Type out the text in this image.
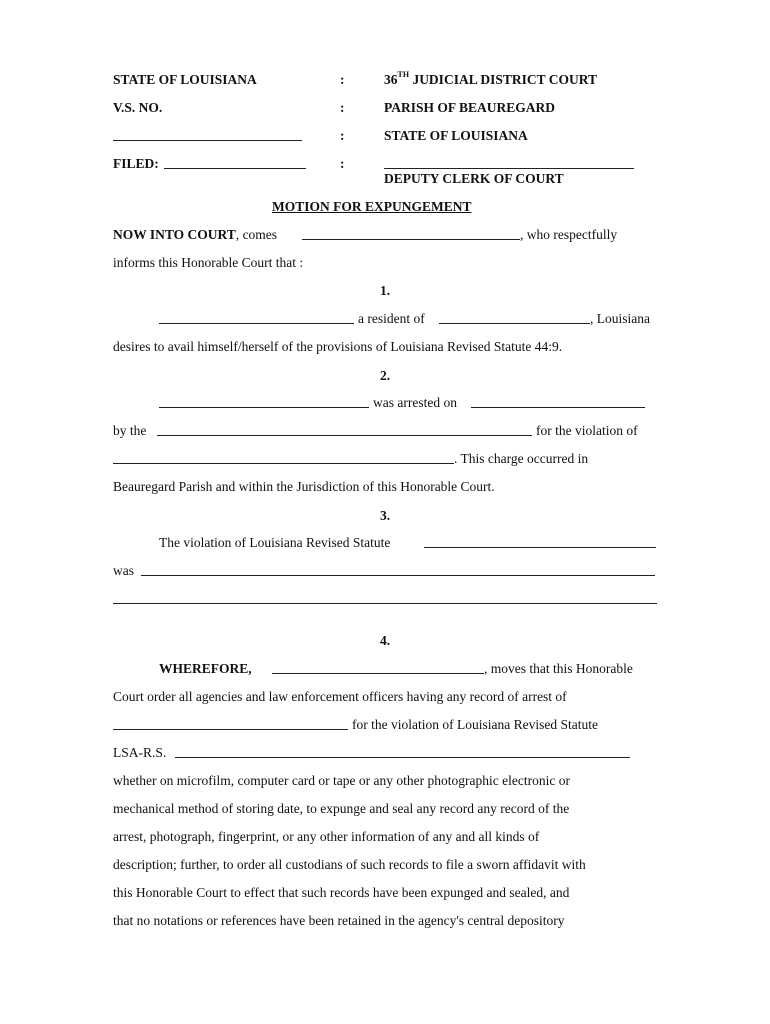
STATE OF LOUISIANA	:	36TH JUDICIAL DISTRICT COURT
V.S. NO.	:	PARISH OF BEAUREGARD
:	STATE OF LOUISIANA
FILED:	:
DEPUTY CLERK OF COURT
MOTION FOR EXPUNGEMENT
NOW INTO COURT, comes	, who respectfully
informs this Honorable Court that :
1.
a resident of	, Louisiana
desires to avail himself/herself of the provisions of Louisiana Revised Statute 44:9.
2.
was arrested on
by the	for the violation of
. This charge occurred in
Beauregard Parish and within the Jurisdiction of this Honorable Court.
3.
The violation of Louisiana Revised Statute
was
4.
WHEREFORE,	, moves that this Honorable
Court order all agencies and law enforcement officers having any record of arrest of
for the violation of Louisiana Revised Statute
LSA-R.S.
whether on microfilm, computer card or tape or any other photographic electronic or
mechanical method of storing date, to expunge and seal any record any record of the
arrest, photograph, fingerprint, or any other information of any and all kinds of
description; further, to order all custodians of such records to file a sworn affidavit with
this Honorable Court to effect that such records have been expunged and sealed, and
that no notations or references have been retained in the agency's central depository
